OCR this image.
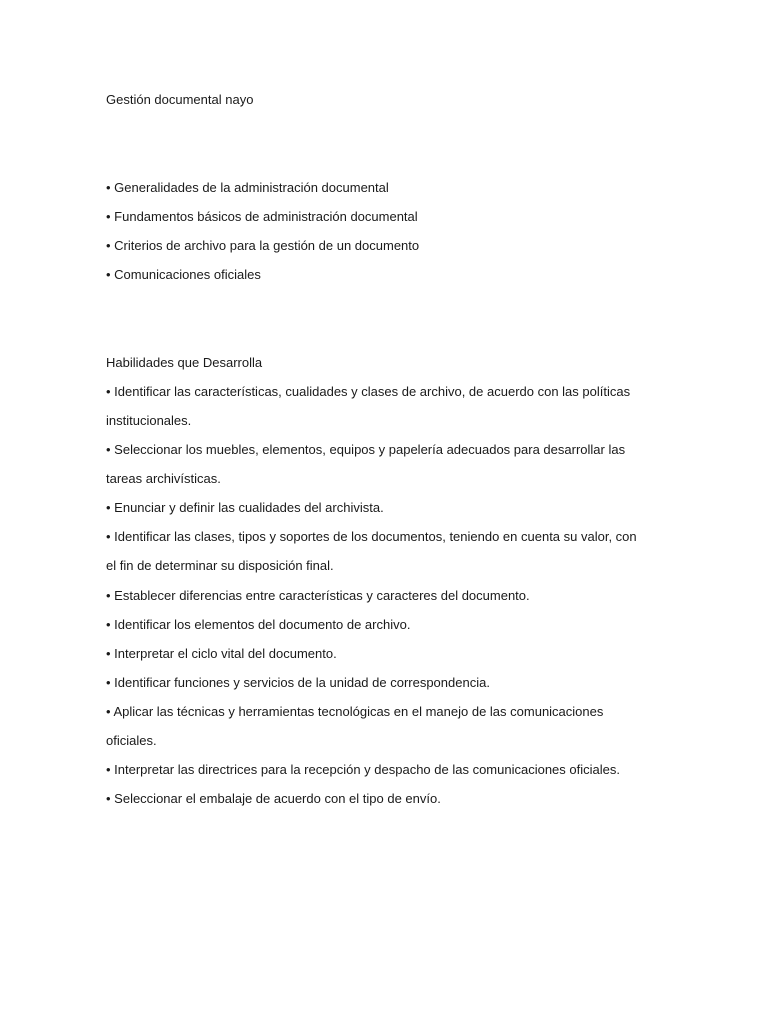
Gestión documental nayo
• Generalidades de la administración documental
• Fundamentos básicos de administración documental
• Criterios de archivo para la gestión de un documento
• Comunicaciones oficiales
Habilidades que Desarrolla
• Identificar las características, cualidades y clases de archivo, de acuerdo con las políticas
institucionales.
• Seleccionar los muebles, elementos, equipos y papelería adecuados para desarrollar las
tareas archivísticas.
• Enunciar y definir las cualidades del archivista.
• Identificar las clases, tipos y soportes de los documentos, teniendo en cuenta su valor, con
el fin de determinar su disposición final.
• Establecer diferencias entre características y caracteres del documento.
• Identificar los elementos del documento de archivo.
• Interpretar el ciclo vital del documento.
• Identificar funciones y servicios de la unidad de correspondencia.
• Aplicar las técnicas y herramientas tecnológicas en el manejo de las comunicaciones
oficiales.
• Interpretar las directrices para la recepción y despacho de las comunicaciones oficiales.
• Seleccionar el embalaje de acuerdo con el tipo de envío.
